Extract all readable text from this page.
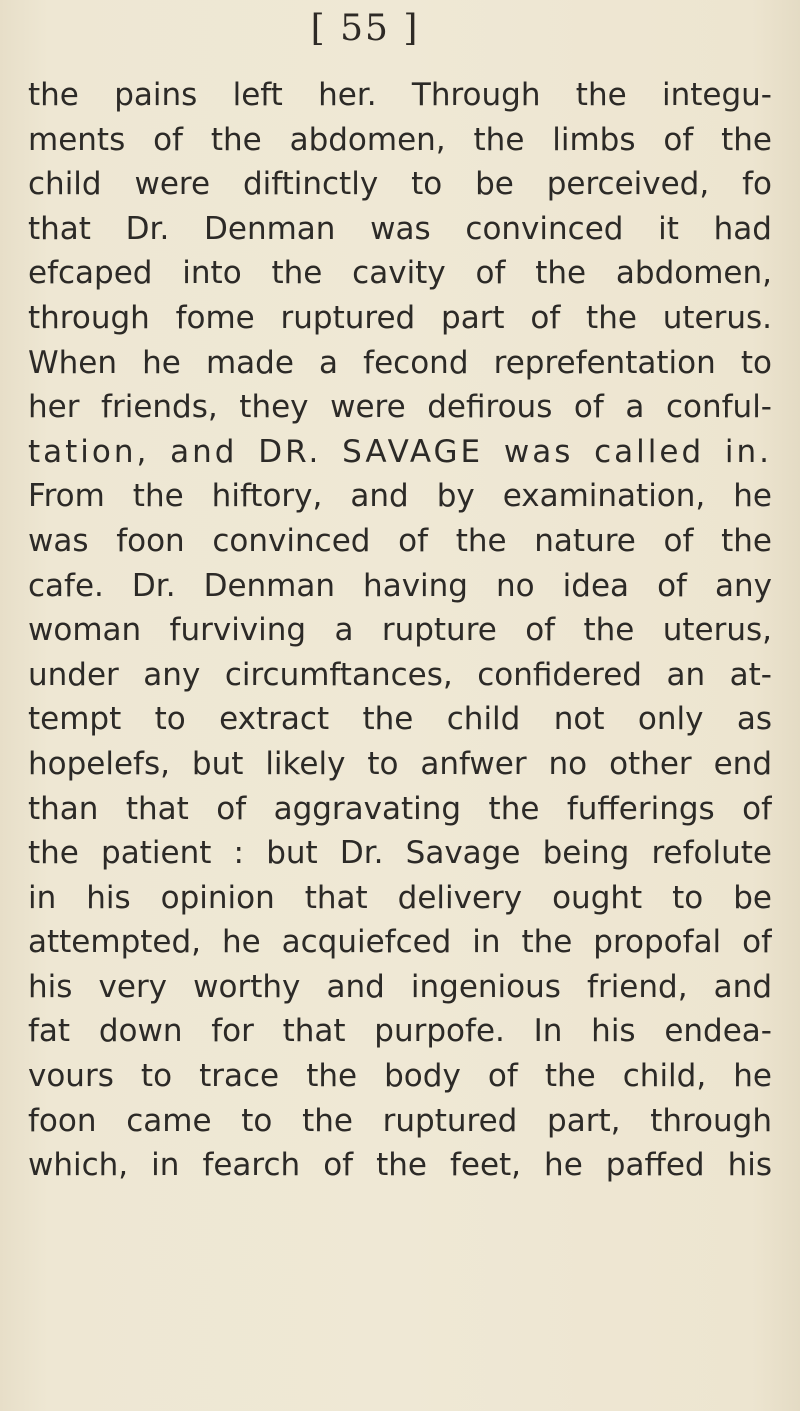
[ 55 ]
the pains left her. Through the integu-
ments of the abdomen, the limbs of the
child were diftinctly to be perceived, fo
that Dr. Denman was convinced it had
efcaped into the cavity of the abdomen,
through fome ruptured part of the uterus.
When he made a fecond reprefentation to
her friends, they were defirous of a conful-
tation, and DR. SAVAGE was called in.
From the hiftory, and by examination, he
was foon convinced of the nature of the
cafe. Dr. Denman having no idea of any
woman furviving a rupture of the uterus,
under any circumftances, confidered an at-
tempt to extract the child not only as
hopelefs, but likely to anfwer no other end
than that of aggravating the fufferings of
the patient : but Dr. Savage being refolute
in his opinion that delivery ought to be
attempted, he acquiefced in the propofal of
his very worthy and ingenious friend, and
fat down for that purpofe. In his endea-
vours to trace the body of the child, he
foon came to the ruptured part, through
which, in fearch of the feet, he paffed his
